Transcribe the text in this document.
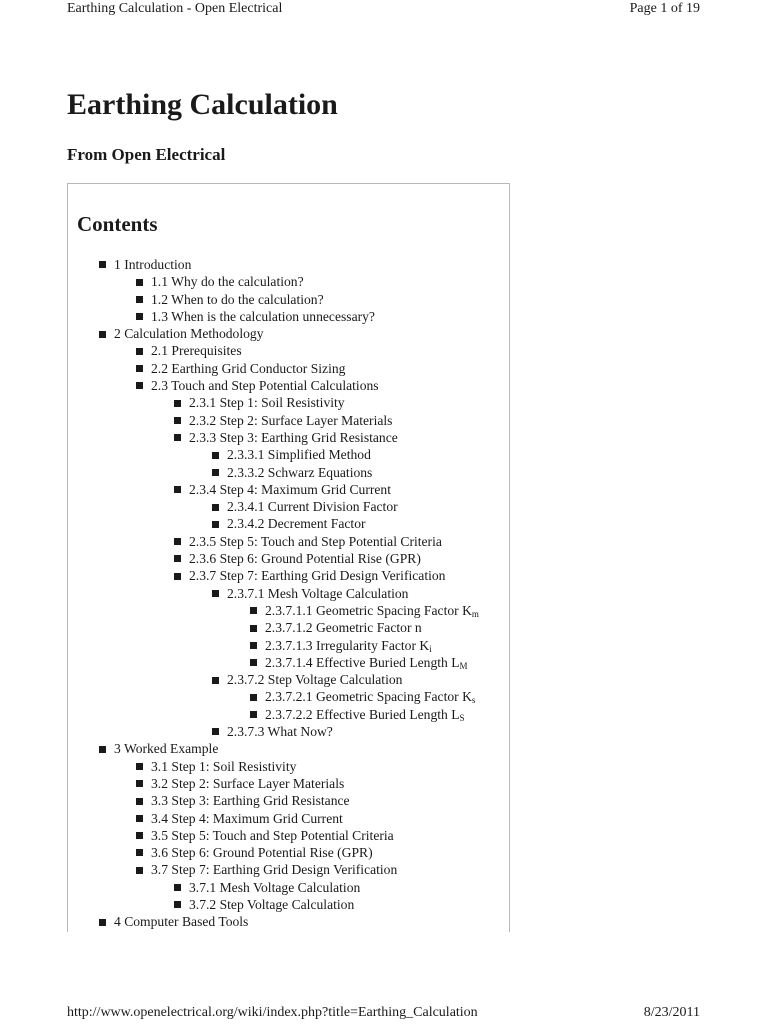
Earthing Calculation - Open Electrical	Page 1 of 19
Earthing Calculation
From Open Electrical
Contents
1 Introduction
1.1 Why do the calculation?
1.2 When to do the calculation?
1.3 When is the calculation unnecessary?
2 Calculation Methodology
2.1 Prerequisites
2.2 Earthing Grid Conductor Sizing
2.3 Touch and Step Potential Calculations
2.3.1 Step 1: Soil Resistivity
2.3.2 Step 2: Surface Layer Materials
2.3.3 Step 3: Earthing Grid Resistance
2.3.3.1 Simplified Method
2.3.3.2 Schwarz Equations
2.3.4 Step 4: Maximum Grid Current
2.3.4.1 Current Division Factor
2.3.4.2 Decrement Factor
2.3.5 Step 5: Touch and Step Potential Criteria
2.3.6 Step 6: Ground Potential Rise (GPR)
2.3.7 Step 7: Earthing Grid Design Verification
2.3.7.1 Mesh Voltage Calculation
2.3.7.1.1 Geometric Spacing Factor $K_m$
2.3.7.1.2 Geometric Factor n
2.3.7.1.3 Irregularity Factor $K_i$
2.3.7.1.4 Effective Buried Length $L_M$
2.3.7.2 Step Voltage Calculation
2.3.7.2.1 Geometric Spacing Factor $K_s$
2.3.7.2.2 Effective Buried Length $L_S$
2.3.7.3 What Now?
3 Worked Example
3.1 Step 1: Soil Resistivity
3.2 Step 2: Surface Layer Materials
3.3 Step 3: Earthing Grid Resistance
3.4 Step 4: Maximum Grid Current
3.5 Step 5: Touch and Step Potential Criteria
3.6 Step 6: Ground Potential Rise (GPR)
3.7 Step 7: Earthing Grid Design Verification
3.7.1 Mesh Voltage Calculation
3.7.2 Step Voltage Calculation
4 Computer Based Tools
http://www.openelectrical.org/wiki/index.php?title=Earthing_Calculation	8/23/2011
